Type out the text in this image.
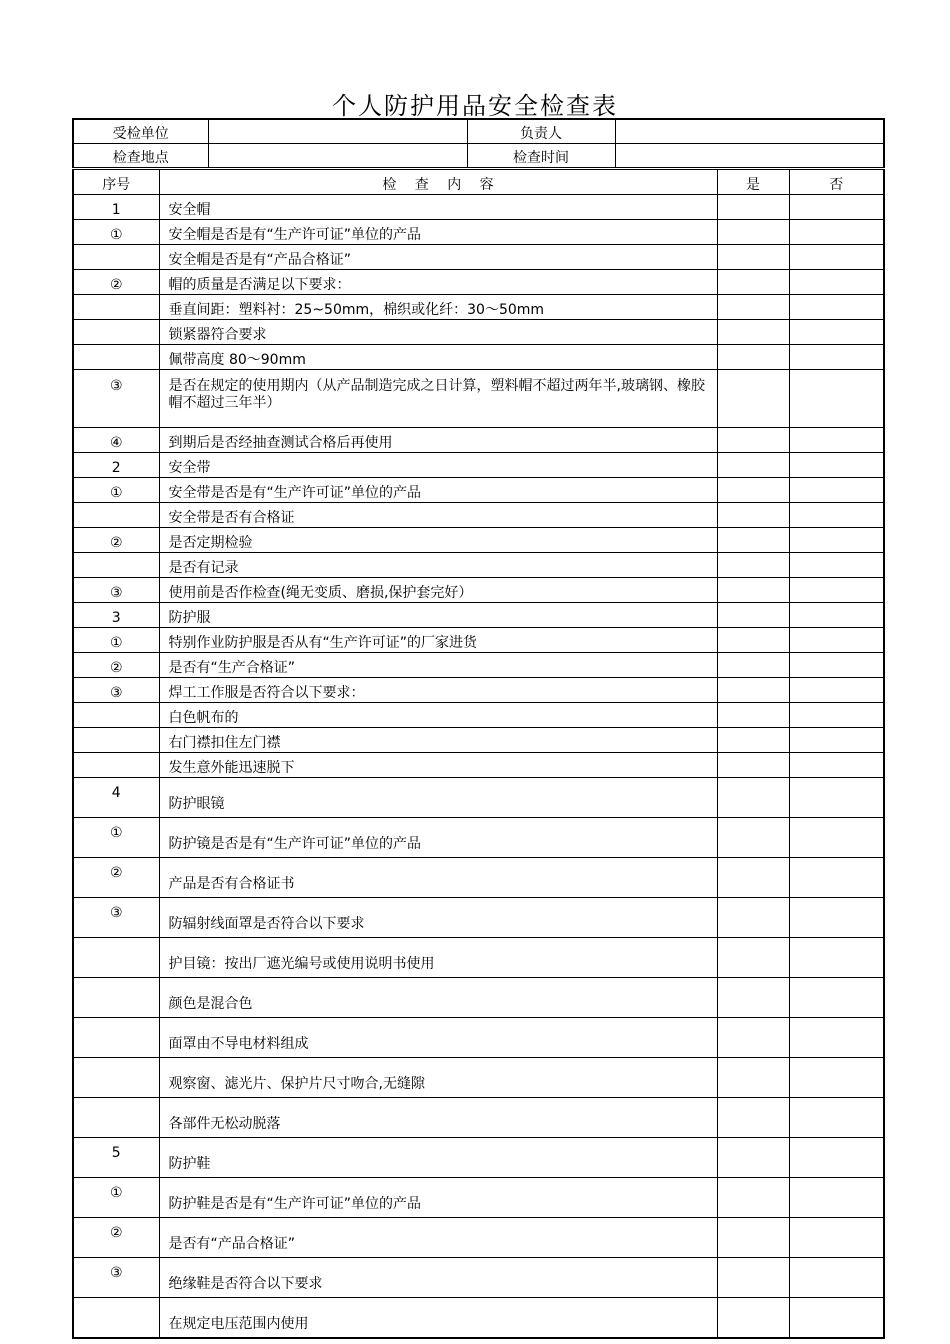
个人防护用品安全检查表
受检单位		负责人	
检查地点		检查时间	
序号	检　 查　 内　 容	是	否
1	安全帽		
①	安全帽是否是有“生产许可证”单位的产品		
	安全帽是否是有“产品合格证”		
②	帽的质量是否满足以下要求：		
	垂直间距：塑料衬：25~50mm，棉织或化纤：30～50mm		
	锁紧器符合要求		
	佩带高度 80～90mm		
③	是否在规定的使用期内（从产品制造完成之日计算，塑料帽不超过两年半,玻璃钢、橡胶帽不超过三年半）		
④	到期后是否经抽查测试合格后再使用		
2	安全带		
①	安全带是否是有“生产许可证”单位的产品		
	安全带是否有合格证		
②	是否定期检验		
	是否有记录		
③	使用前是否作检查(绳无变质、磨损,保护套完好）		
3	防护服		
①	特别作业防护服是否从有“生产许可证”的厂家进货		
②	是否有“生产合格证”		
③	焊工工作服是否符合以下要求：		
	白色帆布的		
	右门襟扣住左门襟		
	发生意外能迅速脱下		
4	防护眼镜		
①	防护镜是否是有“生产许可证”单位的产品		
②	产品是否有合格证书		
③	防辐射线面罩是否符合以下要求		
	护目镜：按出厂遮光编号或使用说明书使用		
	颜色是混合色		
	面罩由不导电材料组成		
	观察窗、滤光片、保护片尺寸吻合,无缝隙		
	各部件无松动脱落		
5	防护鞋		
①	防护鞋是否是有“生产许可证”单位的产品		
②	是否有“产品合格证”		
③	绝缘鞋是否符合以下要求		
	在规定电压范围内使用		
